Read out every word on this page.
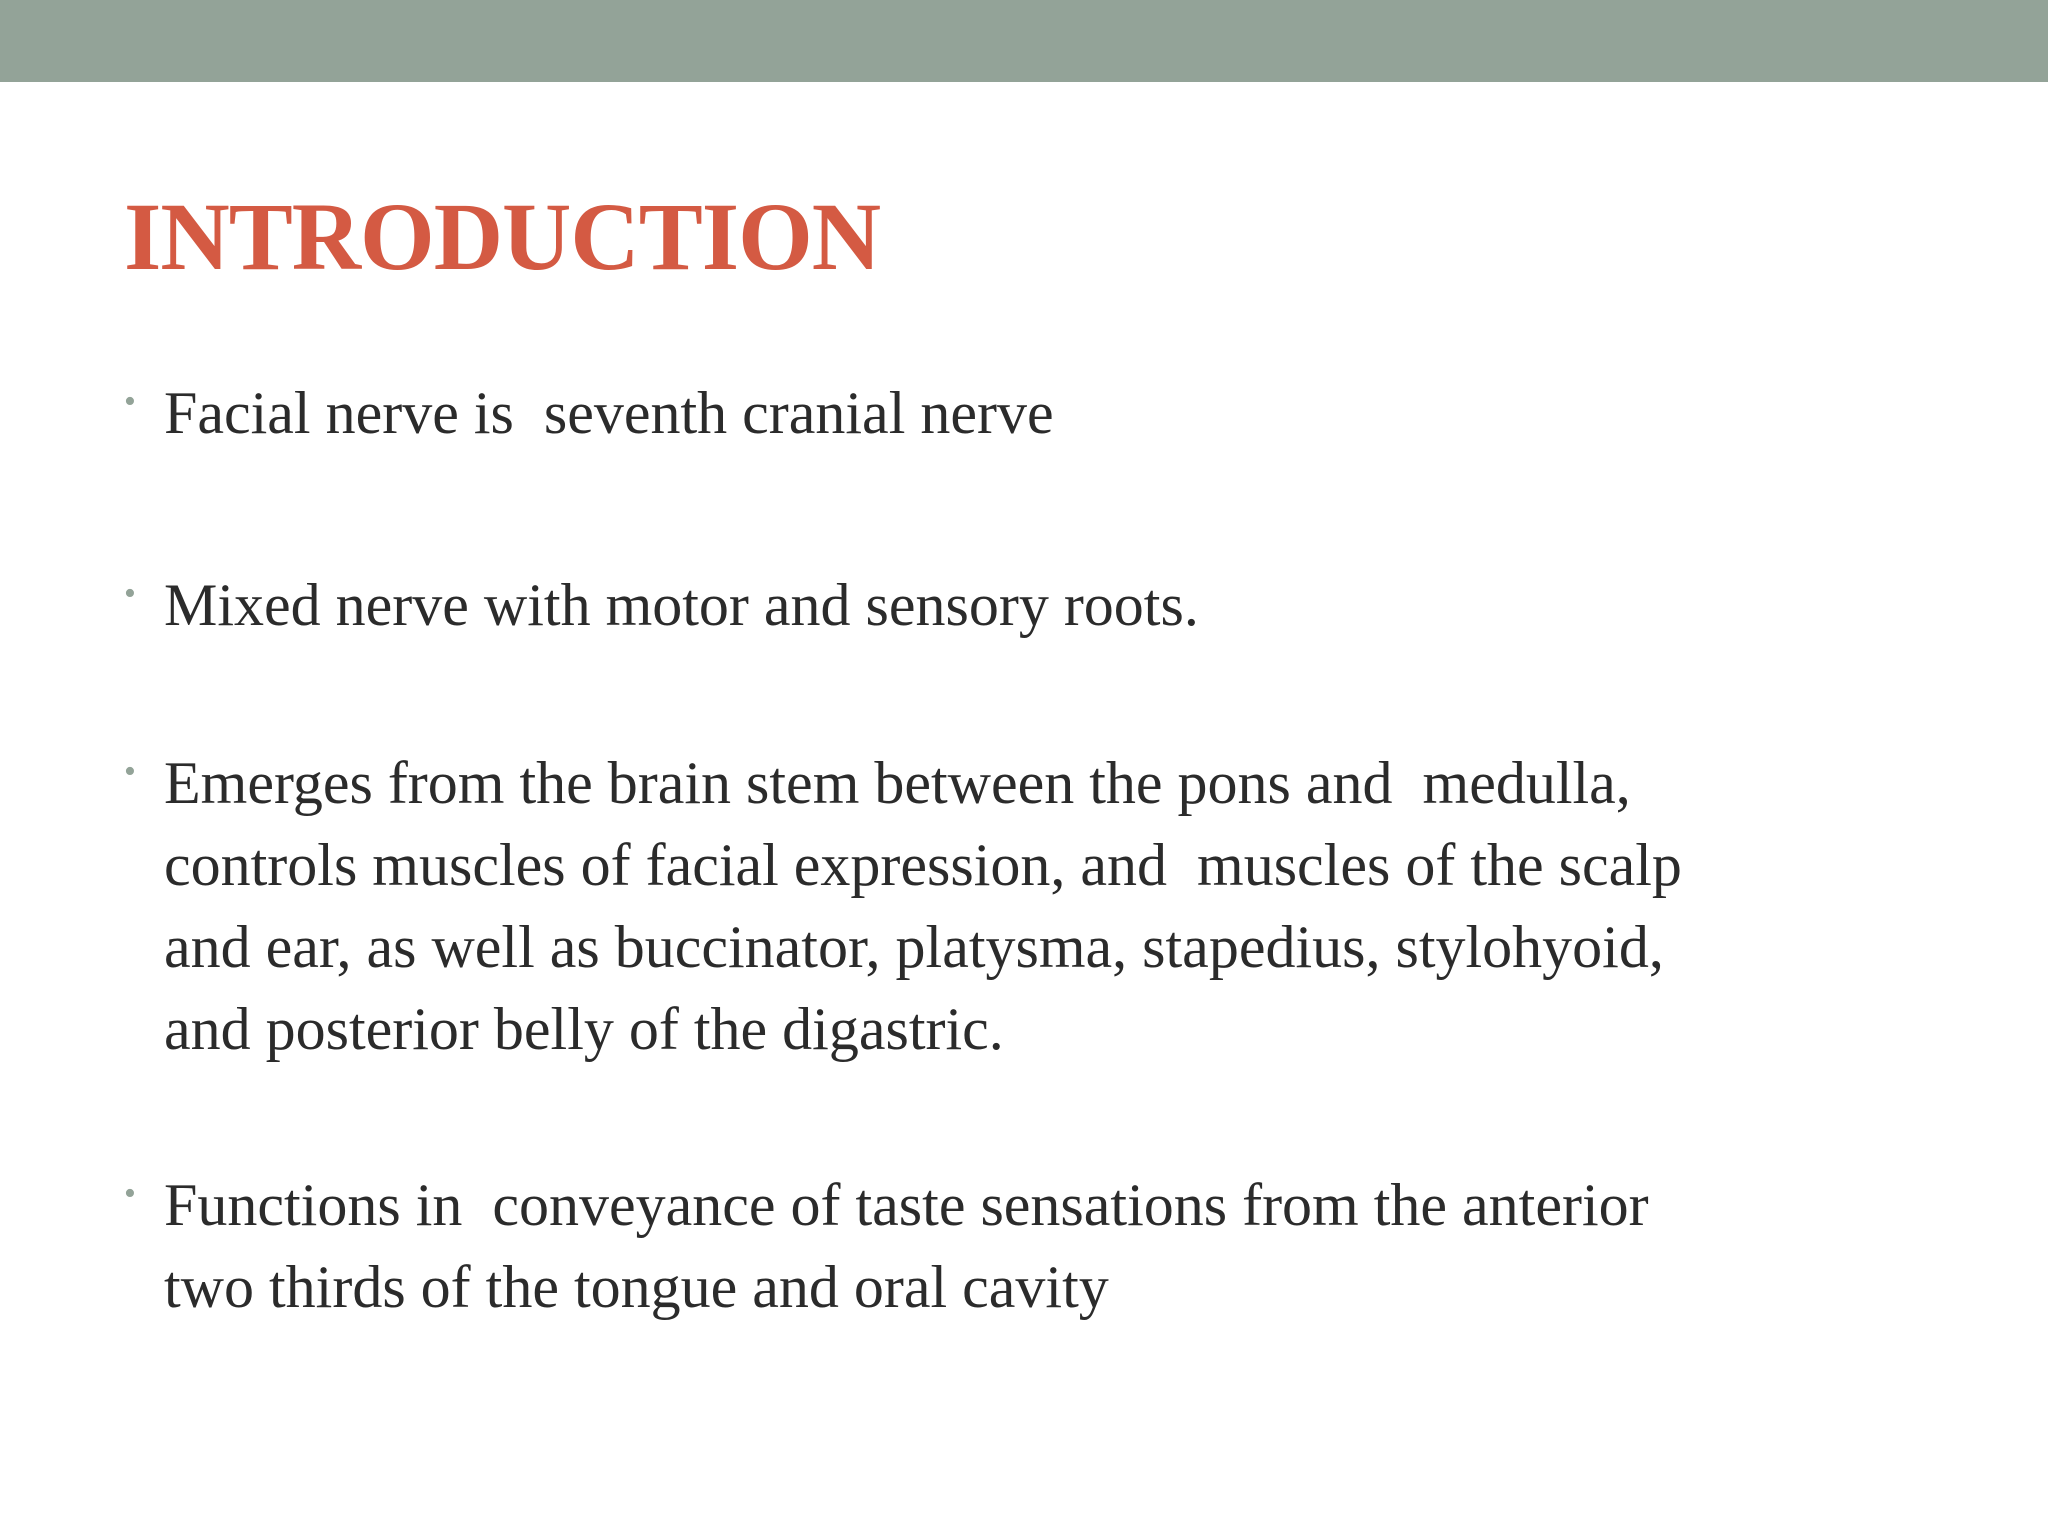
INTRODUCTION
• Facial nerve is  seventh cranial nerve
• Mixed nerve with motor and sensory roots.
• Emerges from the brain stem between the pons and  medulla,
controls muscles of facial expression, and  muscles of the scalp
and ear, as well as buccinator, platysma, stapedius, stylohyoid,
and posterior belly of the digastric.
• Functions in  conveyance of taste sensations from the anterior
two thirds of the tongue and oral cavity
